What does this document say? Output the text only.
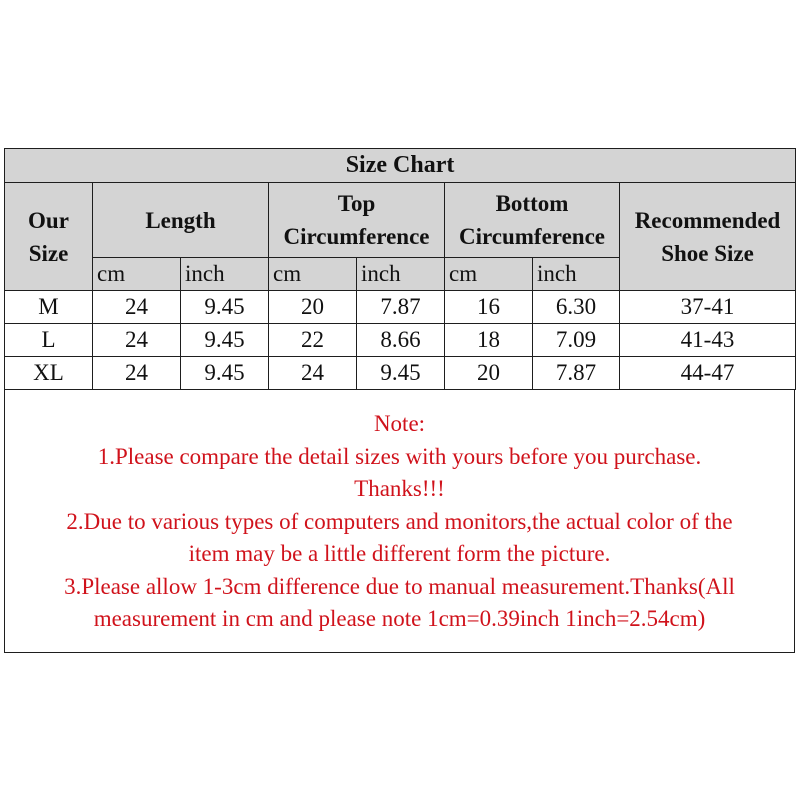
Size Chart							

Our Size	Length		Top Circumference		Bottom Circumference		Recommended Shoe Size

	cm	inch	cm	inch	cm	inch	
M	24	9.45	20	7.87	16	6.30	37-41
L	24	9.45	22	8.66	18	7.09	41-43
XL	24	9.45	24	9.45	20	7.87	44-47
Note:
1.Please compare the detail sizes with yours before you purchase.
Thanks!!!
2.Due to various types of computers and monitors,the actual color of the
item may be a little different form the picture.
3.Please allow 1-3cm difference due to manual measurement.Thanks(All
measurement in cm and please note 1cm=0.39inch 1inch=2.54cm)
